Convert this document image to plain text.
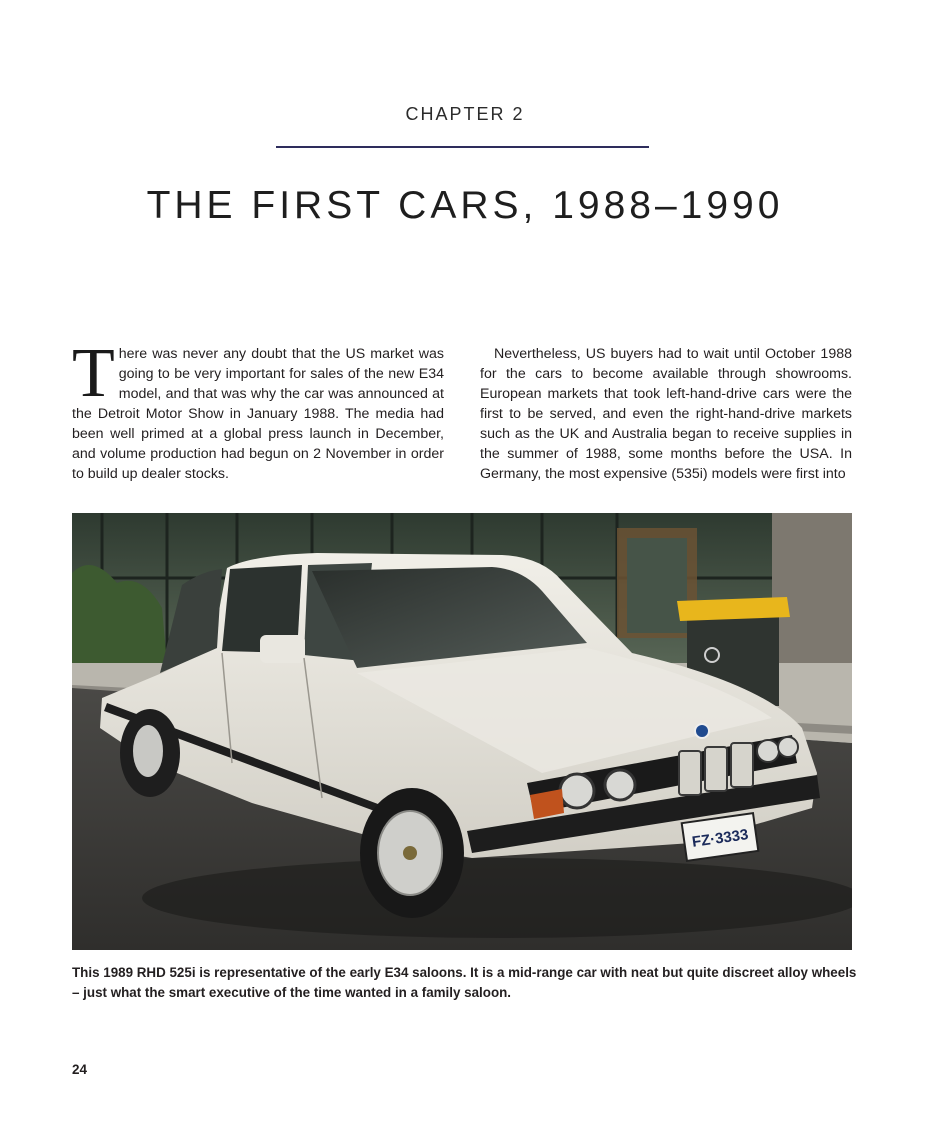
CHAPTER 2
THE FIRST CARS, 1988–1990
T here was never any doubt that the US market was going to be very important for sales of the new E34 model, and that was why the car was announced at the Detroit Motor Show in January 1988. The media had been well primed at a global press launch in December, and volume production had begun on 2 November in order to build up dealer stocks.
Nevertheless, US buyers had to wait until October 1988 for the cars to become available through showrooms. European markets that took left-hand-drive cars were the first to be served, and even the right-hand-drive markets such as the UK and Australia began to receive supplies in the summer of 1988, some months before the USA. In Germany, the most expensive (535i) models were first into
FZ·3333
This 1989 RHD 525i is representative of the early E34 saloons. It is a mid-range car with neat but quite discreet alloy wheels – just what the smart executive of the time wanted in a family saloon.
24
